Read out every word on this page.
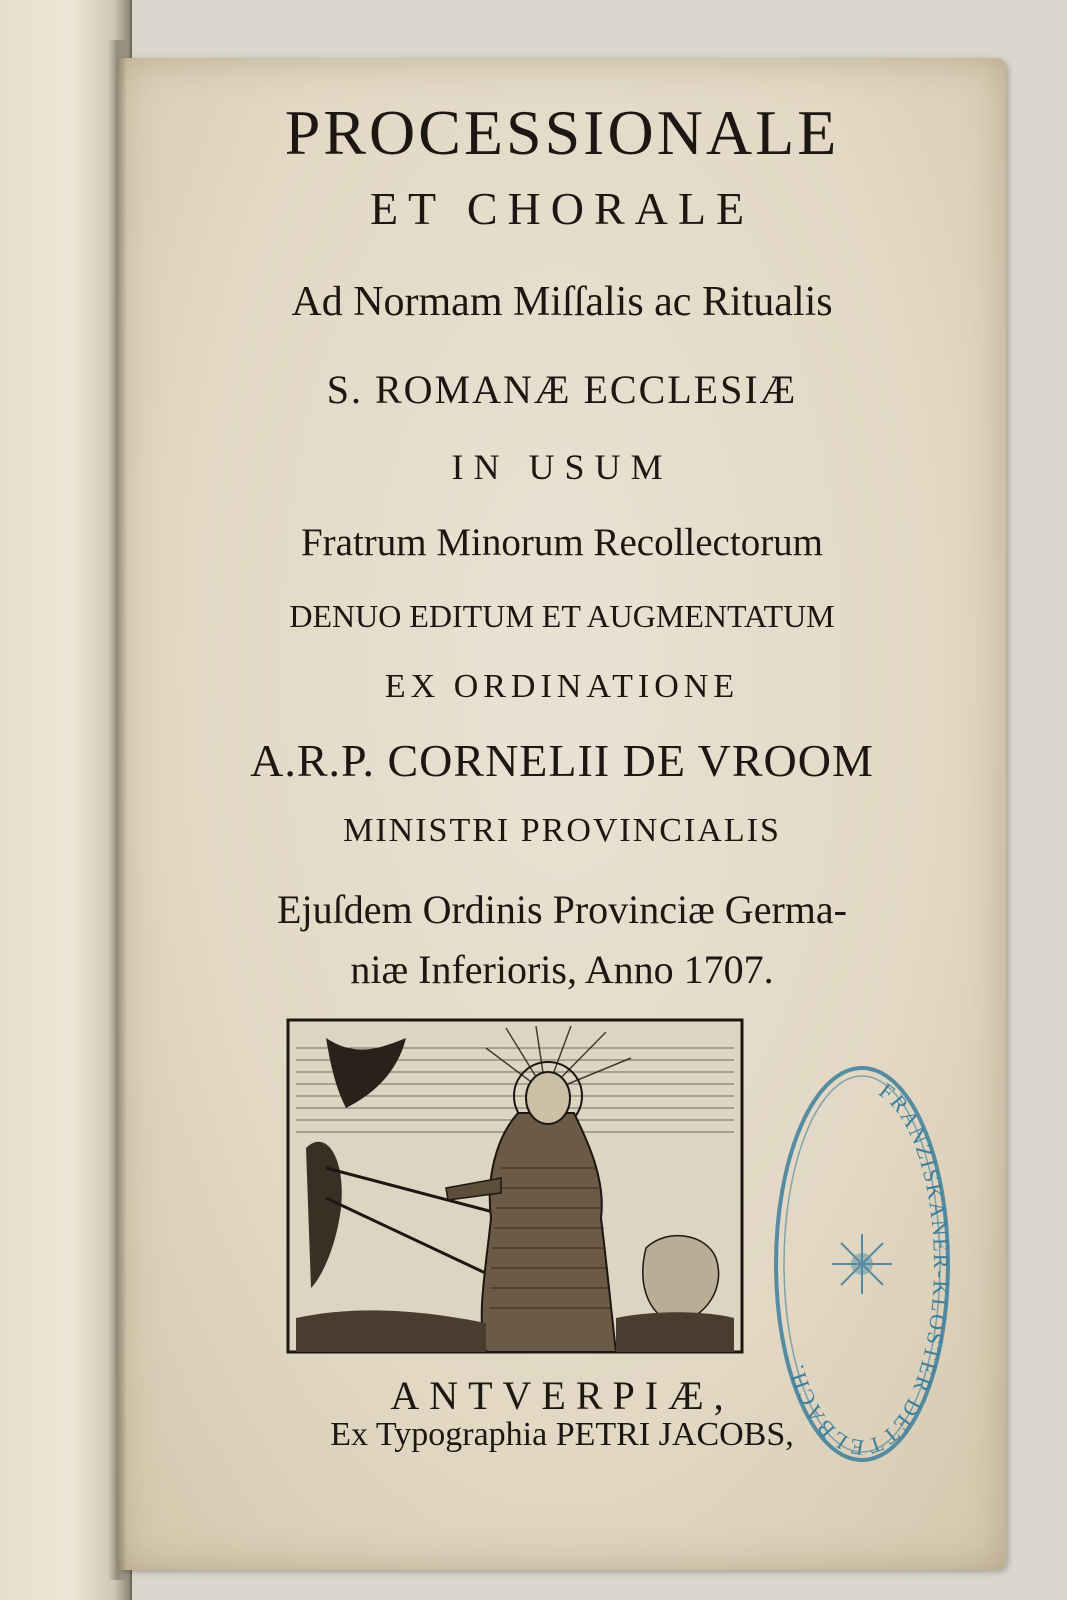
PROCESSIONALE
ET CHORALE
Ad Normam Miſſalis ac Ritualis
S. ROMANÆ ECCLESIÆ
IN USUM
Fratrum Minorum Recollectorum
DENUO EDITUM ET AUGMENTATUM
EX ORDINATIONE
A.R.P. CORNELII DE VROOM
MINISTRI PROVINCIALIS
Ejuſdem Ordinis Provinciæ Germa-
niæ Inferioris, Anno 1707.
ANTVERPIÆ,
Ex Typographia PETRI JACOBS,
FRANZISKANER-KLOSTER DETTELBACH.
